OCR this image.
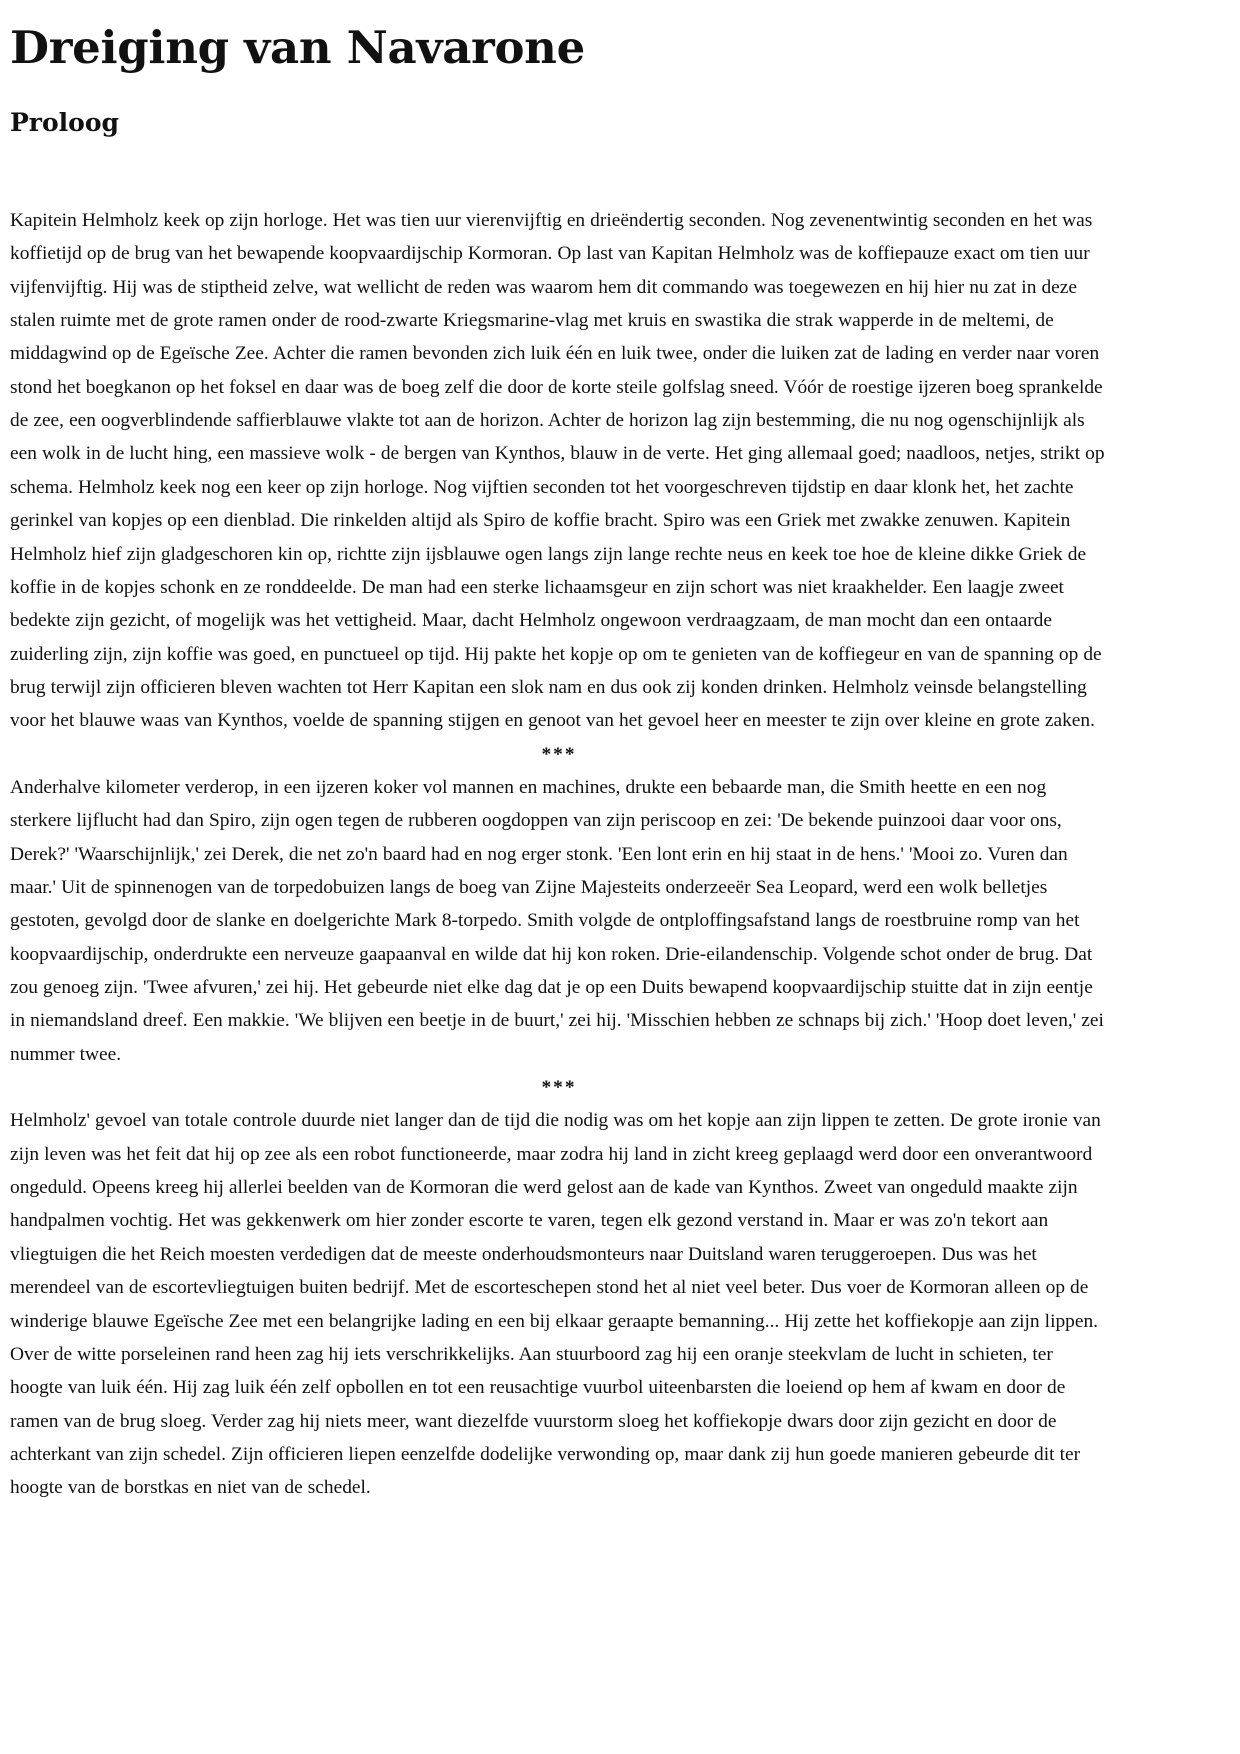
Dreiging van Navarone
Proloog

Kapitein Helmholz keek op zijn horloge. Het was tien uur vierenvijftig en drieëndertig seconden. Nog zevenentwintig seconden en het was koffietijd op de brug van het bewapende koopvaardijschip Kormoran. Op last van Kapitan Helmholz was de koffiepauze exact om tien uur vijfenvijftig. Hij was de stiptheid zelve, wat wellicht de reden was waarom hem dit commando was toegewezen en hij hier nu zat in deze stalen ruimte met de grote ramen onder de rood-zwarte Kriegsmarine-vlag met kruis en swastika die strak wapperde in de meltemi, de middagwind op de Egeïsche Zee. Achter die ramen bevonden zich luik één en luik twee, onder die luiken zat de lading en verder naar voren stond het boegkanon op het foksel en daar was de boeg zelf die door de korte steile golfslag sneed. Vóór de roestige ijzeren boeg sprankelde de zee, een oogverblindende saffierblauwe vlakte tot aan de horizon. Achter de horizon lag zijn bestemming, die nu nog ogenschijnlijk als een wolk in de lucht hing, een massieve wolk - de bergen van Kynthos, blauw in de verte. Het ging allemaal goed; naadloos, netjes, strikt op schema. Helmholz keek nog een keer op zijn horloge. Nog vijftien seconden tot het voorgeschreven tijdstip en daar klonk het, het zachte gerinkel van kopjes op een dienblad. Die rinkelden altijd als Spiro de koffie bracht. Spiro was een Griek met zwakke zenuwen. Kapitein Helmholz hief zijn gladgeschoren kin op, richtte zijn ijsblauwe ogen langs zijn lange rechte neus en keek toe hoe de kleine dikke Griek de koffie in de kopjes schonk en ze ronddeelde. De man had een sterke lichaamsgeur en zijn schort was niet kraakhelder. Een laagje zweet bedekte zijn gezicht, of mogelijk was het vettigheid. Maar, dacht Helmholz ongewoon verdraagzaam, de man mocht dan een ontaarde zuiderling zijn, zijn koffie was goed, en punctueel op tijd. Hij pakte het kopje op om te genieten van de koffiegeur en van de spanning op de brug terwijl zijn officieren bleven wachten tot Herr Kapitan een slok nam en dus ook zij konden drinken. Helmholz veinsde belangstelling voor het blauwe waas van Kynthos, voelde de spanning stijgen en genoot van het gevoel heer en meester te zijn over kleine en grote zaken.

***

Anderhalve kilometer verderop, in een ijzeren koker vol mannen en machines, drukte een bebaarde man, die Smith heette en een nog sterkere lijflucht had dan Spiro, zijn ogen tegen de rubberen oogdoppen van zijn periscoop en zei: 'De bekende puinzooi daar voor ons, Derek?' 'Waarschijnlijk,' zei Derek, die net zo'n baard had en nog erger stonk. 'Een lont erin en hij staat in de hens.' 'Mooi zo. Vuren dan maar.' Uit de spinnenogen van de torpedobuizen langs de boeg van Zijne Majesteits onderzeeër Sea Leopard, werd een wolk belletjes gestoten, gevolgd door de slanke en doelgerichte Mark 8-torpedo. Smith volgde de ontploffingsafstand langs de roestbruine romp van het koopvaardijschip, onderdrukte een nerveuze gaapaanval en wilde dat hij kon roken. Drie-eilandenschip. Volgende schot onder de brug. Dat zou genoeg zijn. 'Twee afvuren,' zei hij. Het gebeurde niet elke dag dat je op een Duits bewapend koopvaardijschip stuitte dat in zijn eentje in niemandsland dreef. Een makkie. 'We blijven een beetje in de buurt,' zei hij. 'Misschien hebben ze schnaps bij zich.' 'Hoop doet leven,' zei nummer twee.

***

Helmholz' gevoel van totale controle duurde niet langer dan de tijd die nodig was om het kopje aan zijn lippen te zetten. De grote ironie van zijn leven was het feit dat hij op zee als een robot functioneerde, maar zodra hij land in zicht kreeg geplaagd werd door een onverantwoord ongeduld. Opeens kreeg hij allerlei beelden van de Kormoran die werd gelost aan de kade van Kynthos. Zweet van ongeduld maakte zijn handpalmen vochtig. Het was gekkenwerk om hier zonder escorte te varen, tegen elk gezond verstand in. Maar er was zo'n tekort aan vliegtuigen die het Reich moesten verdedigen dat de meeste onderhoudsmonteurs naar Duitsland waren teruggeroepen. Dus was het merendeel van de escortevliegtuigen buiten bedrijf. Met de escorteschepen stond het al niet veel beter. Dus voer de Kormoran alleen op de winderige blauwe Egeïsche Zee met een belangrijke lading en een bij elkaar geraapte bemanning... Hij zette het koffiekopje aan zijn lippen. Over de witte porseleinen rand heen zag hij iets verschrikkelijks. Aan stuurboord zag hij een oranje steekvlam de lucht in schieten, ter hoogte van luik één. Hij zag luik één zelf opbollen en tot een reusachtige vuurbol uiteenbarsten die loeiend op hem af kwam en door de ramen van de brug sloeg. Verder zag hij niets meer, want diezelfde vuurstorm sloeg het koffiekopje dwars door zijn gezicht en door de achterkant van zijn schedel. Zijn officieren liepen eenzelfde dodelijke verwonding op, maar dank zij hun goede manieren gebeurde dit ter hoogte van de borstkas en niet van de schedel.
